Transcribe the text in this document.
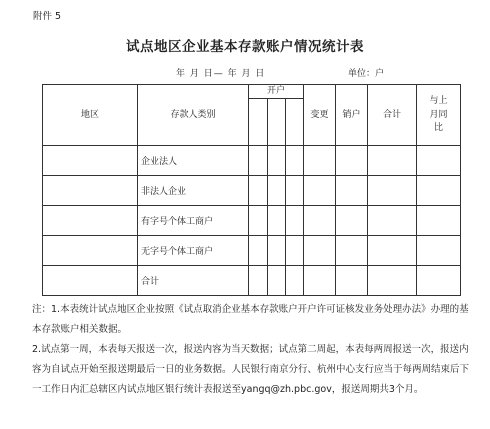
附件 5
试点地区企业基本存款账户情况统计表
年 月 日— 年 月 日	单位：户
地区	存款人类别	开户			变更	销户	合计	与上
月同
比

	企业法人							
	非法人企业							
	有字号个体工商户							
	无字号个体工商户							
	合计							

注：1.本表统计试点地区企业按照《试点取消企业基本存款账户开户许可证核发业务处理办法》办理的基本存款账户相关数据。

2.试点第一周，本表每天报送一次，报送内容为当天数据；试点第二周起，本表每两周报送一次，报送内容为自试点开始至报送期最后一日的业务数据。人民银行南京分行、杭州中心支行应当于每两周结束后下一工作日内汇总辖区内试点地区银行统计表报送至yangq@zh.pbc.gov，报送周期共3个月。
